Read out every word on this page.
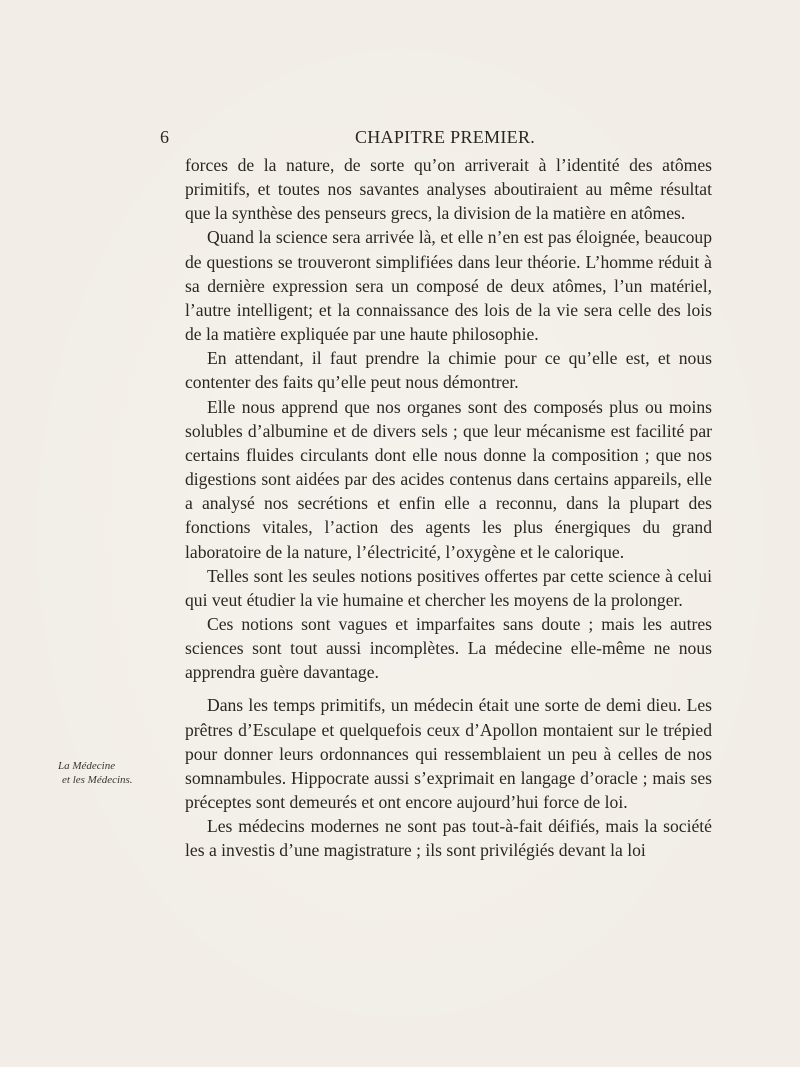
6	CHAPITRE PREMIER.
La Médecine
et les Médecins.

forces de la nature, de sorte qu’on arriverait à l’identité des atômes primitifs, et toutes nos savantes analyses aboutiraient au même résultat que la synthèse des penseurs grecs, la division de la matière en atômes.

Quand la science sera arrivée là, et elle n’en est pas éloignée, beaucoup de questions se trouveront simplifiées dans leur théorie. L’homme réduit à sa dernière expression sera un composé de deux atômes, l’un matériel, l’autre intelligent; et la connaissance des lois de la vie sera celle des lois de la matière expliquée par une haute philosophie.

En attendant, il faut prendre la chimie pour ce qu’elle est, et nous contenter des faits qu’elle peut nous démontrer.

Elle nous apprend que nos organes sont des composés plus ou moins solubles d’albumine et de divers sels ; que leur mécanisme est facilité par certains fluides circulants dont elle nous donne la composition ; que nos digestions sont aidées par des acides contenus dans certains appareils, elle a analysé nos secrétions et enfin elle a reconnu, dans la plupart des fonctions vitales, l’action des agents les plus énergiques du grand laboratoire de la nature, l’électricité, l’oxygène et le calorique.

Telles sont les seules notions positives offertes par cette science à celui qui veut étudier la vie humaine et chercher les moyens de la prolonger.

Ces notions sont vagues et imparfaites sans doute ; mais les autres sciences sont tout aussi incomplètes. La médecine elle-même ne nous apprendra guère davantage.

Dans les temps primitifs, un médecin était une sorte de demi dieu. Les prêtres d’Esculape et quelquefois ceux d’Apollon montaient sur le trépied pour donner leurs ordonnances qui ressemblaient un peu à celles de nos somnambules. Hippocrate aussi s’exprimait en langage d’oracle ; mais ses préceptes sont demeurés et ont encore aujourd’hui force de loi.

Les médecins modernes ne sont pas tout-à-fait déifiés, mais la société les a investis d’une magistrature ; ils sont privilégiés devant la loi
